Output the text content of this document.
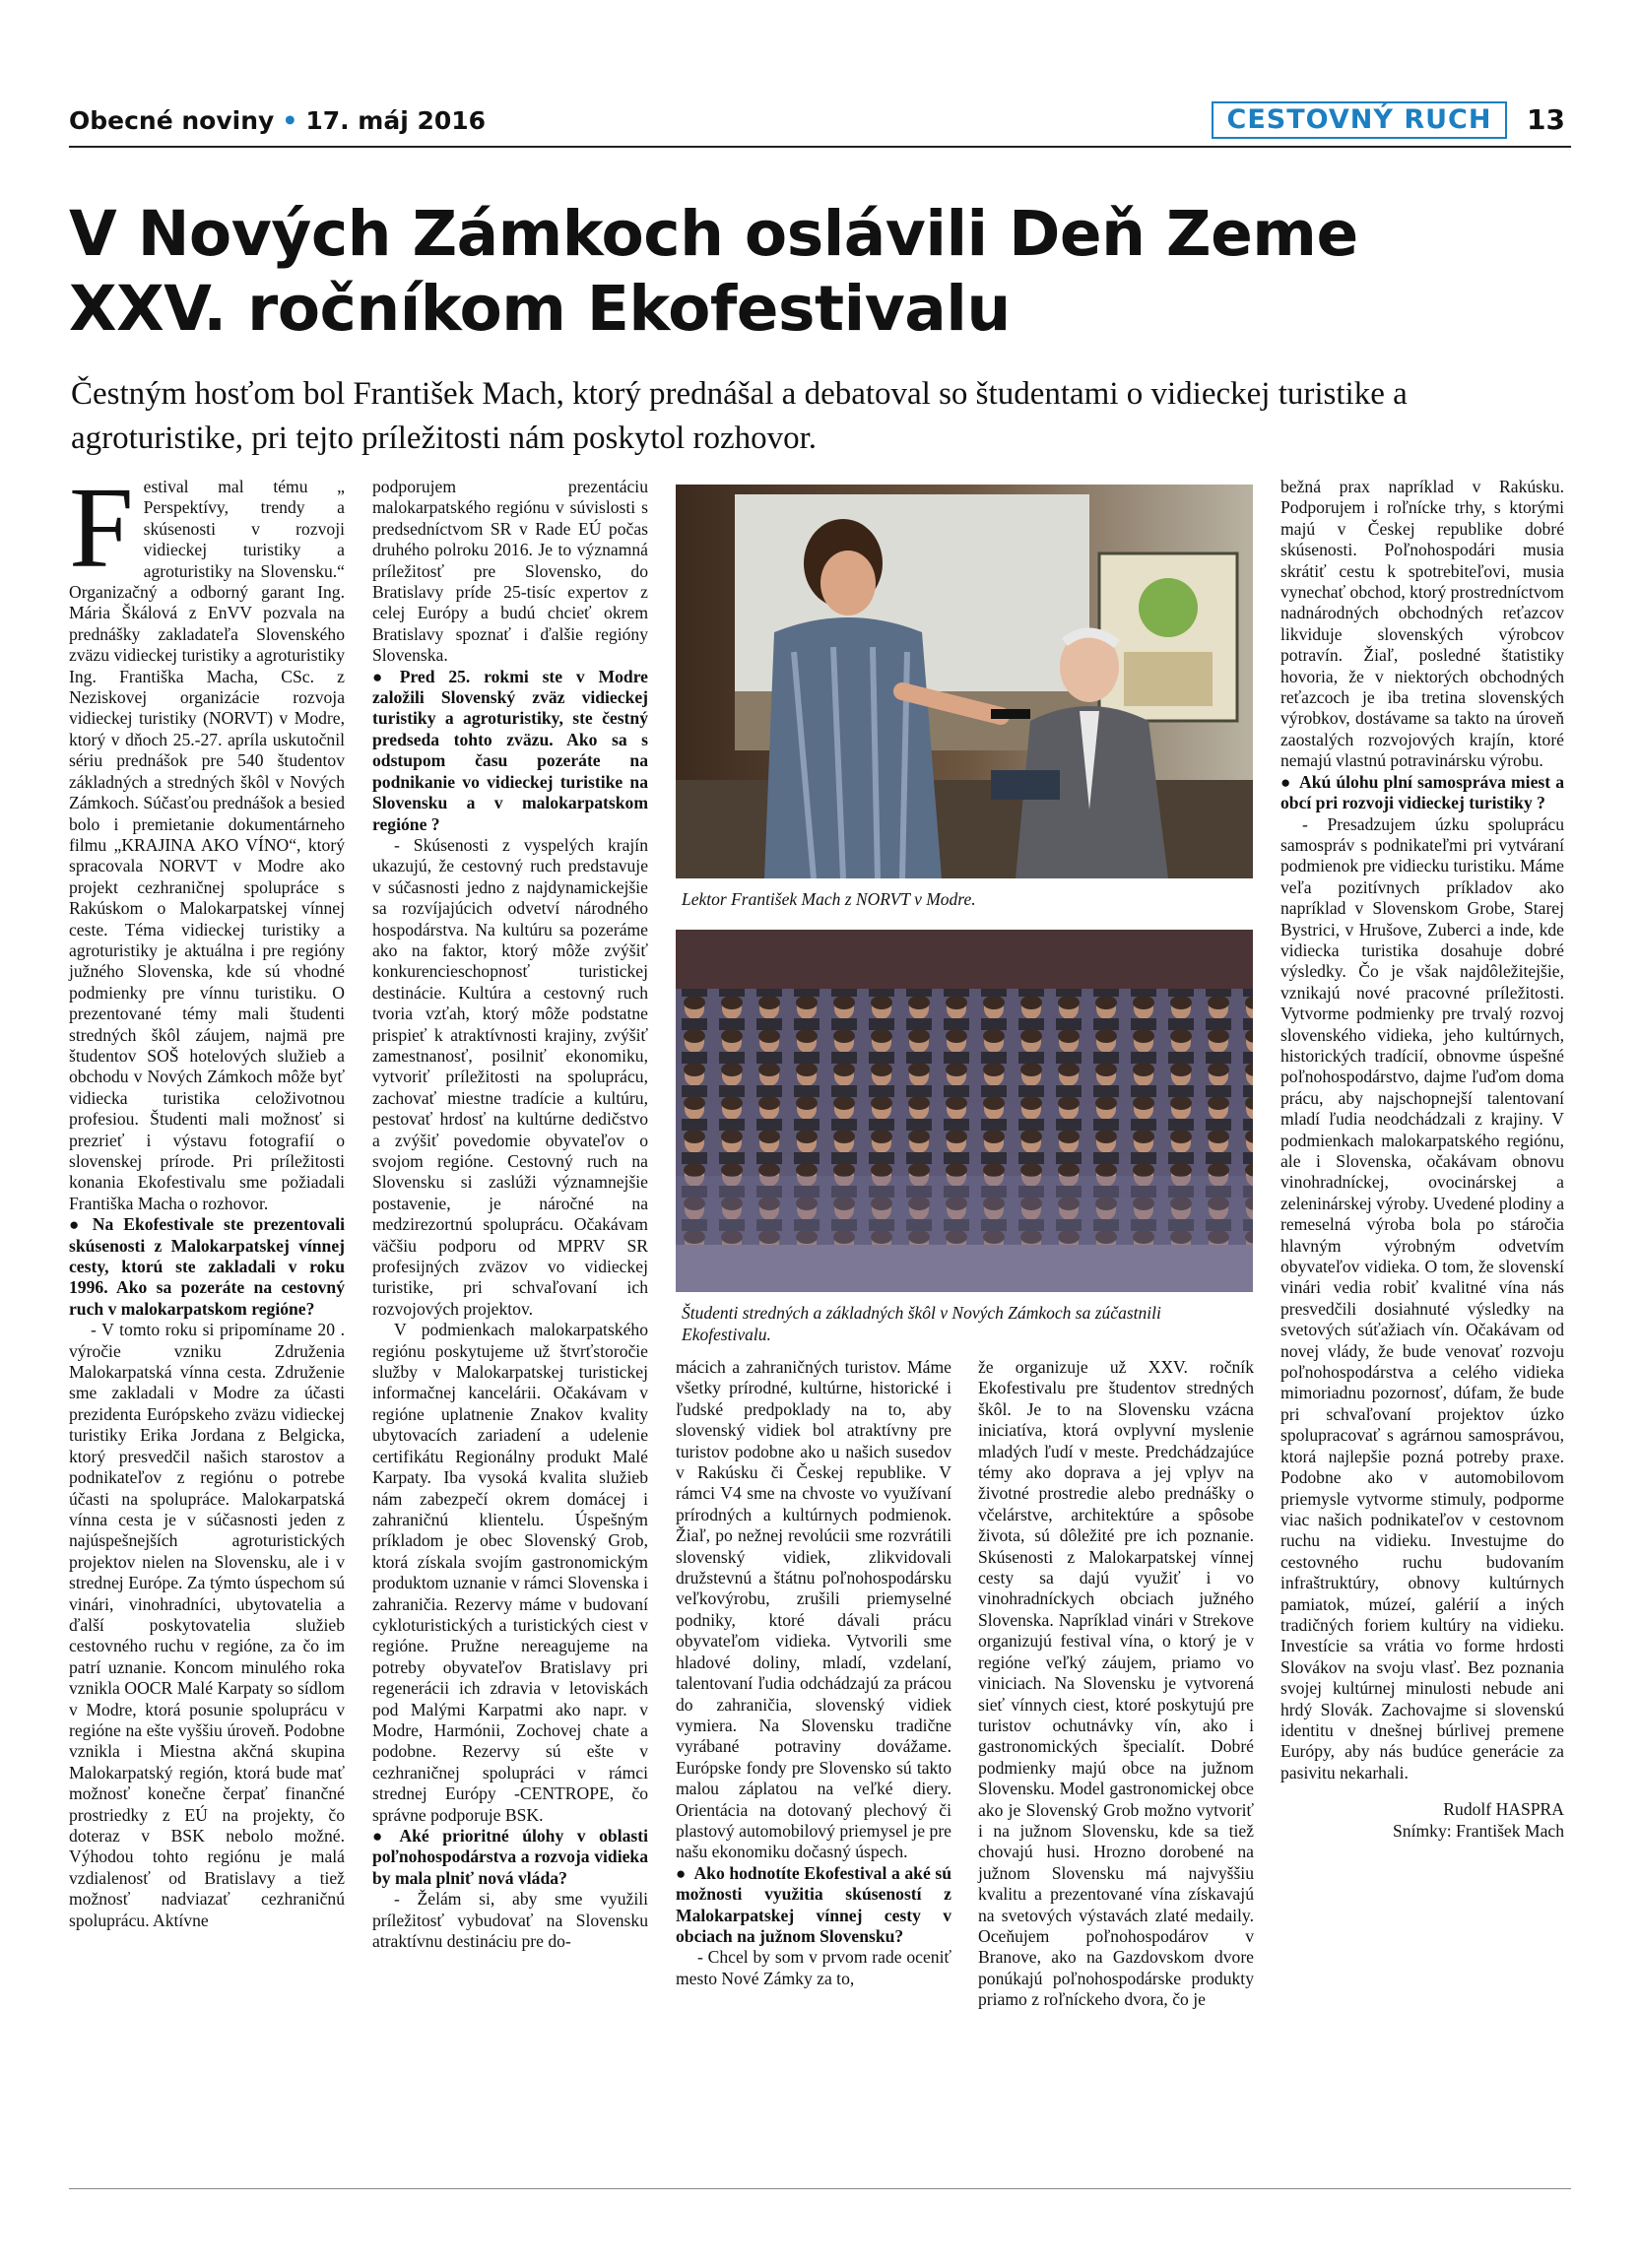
Obecné noviny • 17. máj 2016	CESTOVNÝ RUCH	13
V Nových Zámkoch oslávili Deň Zeme
XXV. ročníkom Ekofestivalu
Čestným hosťom bol František Mach, ktorý prednášal a debatoval so študentami o vidieckej turistike a agroturistike, pri tejto príležitosti nám poskytol rozhovor.

Festival mal tému „ Perspektívy, trendy a skúsenosti v rozvoji vidieckej turistiky a agroturistiky na Slovensku.“ Organizačný a odborný garant Ing. Mária Škálová z EnVV pozvala na prednášky zakladateľa Slovenského zväzu vidieckej turistiky a agroturistiky Ing. Františka Macha, CSc. z Neziskovej organizácie rozvoja vidieckej turistiky (NORVT) v Modre, ktorý v dňoch 25.-27. apríla uskutočnil sériu prednášok pre 540 študentov základných a stredných škôl v Nových Zámkoch. Súčasťou prednášok a besied bolo i premietanie dokumentárneho filmu „KRAJINA AKO VÍNO“, ktorý spracovala NORVT v Modre ako projekt cezhraničnej spolupráce s Rakúskom o Malokarpatskej vínnej ceste. Téma vidieckej turistiky a agroturistiky je aktuálna i pre regióny južného Slovenska, kde sú vhodné podmienky pre vínnu turistiku. O prezentované témy mali študenti stredných škôl záujem, najmä pre študentov SOŠ hotelových služieb a obchodu v Nových Zámkoch môže byť vidiecka turistika celoživotnou profesiou. Študenti mali možnosť si prezrieť i výstavu fotografií o slovenskej prírode. Pri príležitosti konania Ekofestivalu sme požiadali Františka Macha o rozhovor.

● Na Ekofestivale ste prezentovali skúsenosti z Malokarpatskej vínnej cesty, ktorú ste zakladali v roku 1996. Ako sa pozeráte na cestovný ruch v malokarpatskom regióne?

- V tomto roku si pripomíname 20 . výročie vzniku Združenia Malokarpatská vínna cesta. Združenie sme zakladali v Modre za účasti prezidenta Európskeho zväzu vidieckej turistiky Erika Jordana z Belgicka, ktorý presvedčil našich starostov a podnikateľov z regiónu o potrebe účasti na spolupráce. Malokarpatská vínna cesta je v súčasnosti jeden z najúspešnejších agroturistických projektov nielen na Slovensku, ale i v strednej Európe. Za týmto úspechom sú vinári, vinohradníci, ubytovatelia a ďalší poskytovatelia služieb cestovného ruchu v regióne, za čo im patrí uznanie. Koncom minulého roka vznikla OOCR Malé Karpaty so sídlom v Modre, ktorá posunie spoluprácu v regióne na ešte vyššiu úroveň. Podobne vznikla i Miestna akčná skupina Malokarpatský región, ktorá bude mať možnosť konečne čerpať finančné prostriedky z EÚ na projekty, čo doteraz v BSK nebolo možné. Výhodou tohto regiónu je malá vzdialenosť od Bratislavy a tiež možnosť nadviazať cezhraničnú spoluprácu. Aktívne

podporujem prezentáciu malokarpatského regiónu v súvislosti s predsedníctvom SR v Rade EÚ počas druhého polroku 2016. Je to významná príležitosť pre Slovensko, do Bratislavy príde 25-tisíc expertov z celej Európy a budú chcieť okrem Bratislavy spoznať i ďalšie regióny Slovenska.

● Pred 25. rokmi ste v Modre založili Slovenský zväz vidieckej turistiky a agroturistiky, ste čestný predseda tohto zväzu. Ako sa s odstupom času pozeráte na podnikanie vo vidieckej turistike na Slovensku a v malokarpatskom regióne ?

- Skúsenosti z vyspelých krajín ukazujú, že cestovný ruch predstavuje v súčasnosti jedno z najdynamickejšie sa rozvíjajúcich odvetví národného hospodárstva. Na kultúru sa pozeráme ako na faktor, ktorý môže zvýšiť konkurencieschopnosť turistickej destinácie. Kultúra a cestovný ruch tvoria vzťah, ktorý môže podstatne prispieť k atraktívnosti krajiny, zvýšiť zamestnanosť, posilniť ekonomiku, vytvoriť príležitosti na spoluprácu, zachovať miestne tradície a kultúru, pestovať hrdosť na kultúrne dedičstvo a zvýšiť povedomie obyvateľov o svojom regióne. Cestovný ruch na Slovensku si zaslúži významnejšie postavenie, je náročné na medzirezortnú spoluprácu. Očakávam väčšiu podporu od MPRV SR profesijných zväzov vo vidieckej turistike, pri schvaľovaní ich rozvojových projektov.

V podmienkach malokarpatského regiónu poskytujeme už štvrťstoročie služby v Malokarpatskej turistickej informačnej kancelárii. Očakávam v regióne uplatnenie Znakov kvality ubytovacích zariadení a udelenie certifikátu Regionálny produkt Malé Karpaty. Iba vysoká kvalita služieb nám zabezpečí okrem domácej i zahraničnú klientelu. Úspešným príkladom je obec Slovenský Grob, ktorá získala svojím gastronomickým produktom uznanie v rámci Slovenska i zahraničia. Rezervy máme v budovaní cykloturistických a turistických ciest v regióne. Pružne nereagujeme na potreby obyvateľov Bratislavy pri regenerácii ich zdravia v letoviskách pod Malými Karpatmi ako napr. v Modre, Harmónii, Zochovej chate a podobne. Rezervy sú ešte v cezhraničnej spolupráci v rámci strednej Európy -CENTROPE, čo správne podporuje BSK.

● Aké prioritné úlohy v oblasti poľnohospodárstva a rozvoja vidieka by mala plniť nová vláda?

- Želám si, aby sme využili príležitosť vybudovať na Slovensku atraktívnu destináciu pre do-

Lektor František Mach z NORVT v Modre.
Študenti stredných a základných škôl v Nových Zámkoch sa zúčastnili Ekofestivalu.

mácich a zahraničných turistov. Máme všetky prírodné, kultúrne, historické i ľudské predpoklady na to, aby slovenský vidiek bol atraktívny pre turistov podobne ako u našich susedov v Rakúsku či Českej republike. V rámci V4 sme na chvoste vo využívaní prírodných a kultúrnych podmienok. Žiaľ, po nežnej revolúcii sme rozvrátili slovenský vidiek, zlikvidovali družstevnú a štátnu poľnohospodársku veľkovýrobu, zrušili priemyselné podniky, ktoré dávali prácu obyvateľom vidieka. Vytvorili sme hladové doliny, mladí, vzdelaní, talentovaní ľudia odchádzajú za prácou do zahraničia, slovenský vidiek vymiera. Na Slovensku tradične vyrábané potraviny dovážame. Európske fondy pre Slovensko sú takto malou záplatou na veľké diery. Orientácia na dotovaný plechový či plastový automobilový priemysel je pre našu ekonomiku dočasný úspech.

● Ako hodnotíte Ekofestival a aké sú možnosti využitia skúseností z Malokarpatskej vínnej cesty v obciach na južnom Slovensku?

- Chcel by som v prvom rade oceniť mesto Nové Zámky za to,

že organizuje už XXV. ročník Ekofestivalu pre študentov stredných škôl. Je to na Slovensku vzácna iniciatíva, ktorá ovplyvní myslenie mladých ľudí v meste. Predchádzajúce témy ako doprava a jej vplyv na životné prostredie alebo prednášky o včelárstve, architektúre a spôsobe života, sú dôležité pre ich poznanie. Skúsenosti z Malokarpatskej vínnej cesty sa dajú využiť i vo vinohradníckych obciach južného Slovenska. Napríklad vinári v Strekove organizujú festival vína, o ktorý je v regióne veľký záujem, priamo vo viniciach. Na Slovensku je vytvorená sieť vínnych ciest, ktoré poskytujú pre turistov ochutnávky vín, ako i gastronomických špecialít. Dobré podmienky majú obce na južnom Slovensku. Model gastronomickej obce ako je Slovenský Grob možno vytvoriť i na južnom Slovensku, kde sa tiež chovajú husi. Hrozno dorobené na južnom Slovensku má najvyššiu kvalitu a prezentované vína získavajú na svetových výstavách zlaté medaily. Oceňujem poľnohospodárov v Branove, ako na Gazdovskom dvore ponúkajú poľnohospodárske produkty priamo z roľníckeho dvora, čo je

bežná prax napríklad v Rakúsku. Podporujem i roľnícke trhy, s ktorými majú v Českej republike dobré skúsenosti. Poľnohospodári musia skrátiť cestu k spotrebiteľovi, musia vynechať obchod, ktorý prostredníctvom nadnárodných obchodných reťazcov likviduje slovenských výrobcov potravín. Žiaľ, posledné štatistiky hovoria, že v niektorých obchodných reťazcoch je iba tretina slovenských výrobkov, dostávame sa takto na úroveň zaostalých rozvojových krajín, ktoré nemajú vlastnú potravinársku výrobu.

● Akú úlohu plní samospráva miest a obcí pri rozvoji vidieckej turistiky ?

- Presadzujem úzku spoluprácu samospráv s podnikateľmi pri vytváraní podmienok pre vidiecku turistiku. Máme veľa pozitívnych príkladov ako napríklad v Slovenskom Grobe, Starej Bystrici, v Hrušove, Zuberci a inde, kde vidiecka turistika dosahuje dobré výsledky. Čo je však najdôležitejšie, vznikajú nové pracovné príležitosti. Vytvorme podmienky pre trvalý rozvoj slovenského vidieka, jeho kultúrnych, historických tradícií, obnovme úspešné poľnohospodárstvo, dajme ľuďom doma prácu, aby najschopnejší talentovaní mladí ľudia neodchádzali z krajiny. V podmienkach malokarpatského regiónu, ale i Slovenska, očakávam obnovu vinohradníckej, ovocinárskej a zeleninárskej výroby. Uvedené plodiny a remeselná výroba bola po stáročia hlavným výrobným odvetvím obyvateľov vidieka. O tom, že slovenskí vinári vedia robiť kvalitné vína nás presvedčili dosiahnuté výsledky na svetových súťažiach vín. Očakávam od novej vlády, že bude venovať rozvoju poľnohospodárstva a celého vidieka mimoriadnu pozornosť, dúfam, že bude pri schvaľovaní projektov úzko spolupracovať s agrárnou samosprávou, ktorá najlepšie pozná potreby praxe. Podobne ako v automobilovom priemysle vytvorme stimuly, podporme viac našich podnikateľov v cestovnom ruchu na vidieku. Investujme do cestovného ruchu budovaním infraštruktúry, obnovy kultúrnych pamiatok, múzeí, galérií a iných tradičných foriem kultúry na vidieku. Investície sa vrátia vo forme hrdosti Slovákov na svoju vlasť. Bez poznania svojej kultúrnej minulosti nebude ani hrdý Slovák. Zachovajme si slovenskú identitu v dnešnej búrlivej premene Európy, aby nás budúce generácie za pasivitu nekarhali.

Rudolf HASPRA

Snímky: František Mach
